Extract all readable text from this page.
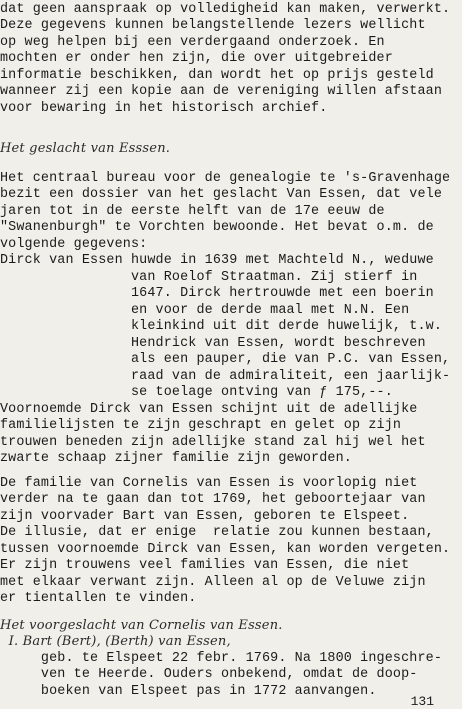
dat geen aanspraak op volledigheid kan maken, verwerkt.

Deze gegevens kunnen belangstellende lezers wellicht

op weg helpen bij een verdergaand onderzoek. En

mochten er onder hen zijn, die over uitgebreider

informatie beschikken, dan wordt het op prijs gesteld

wanneer zij een kopie aan de vereniging willen afstaan

voor bewaring in het historisch archief.

Het geslacht van Esssen.

Het centraal bureau voor de genealogie te 's-Gravenhage

bezit een dossier van het geslacht Van Essen, dat vele

jaren tot in de eerste helft van de 17e eeuw de

"Swanenburgh" te Vorchten bewoonde. Het bevat o.m. de

volgende gegevens:

Dirck van Essen huwde in 1639 met Machteld N., weduwe

van Roelof Straatman. Zij stierf in

1647. Dirck hertrouwde met een boerin

en voor de derde maal met N.N. Een

kleinkind uit dit derde huwelijk, t.w.

Hendrick van Essen, wordt beschreven

als een pauper, die van P.C. van Essen,

raad van de admiraliteit, een jaarlijk-

se toelage ontving van ƒ 175,--.

Voornoemde Dirck van Essen schijnt uit de adellijke

familielijsten te zijn geschrapt en gelet op zijn

trouwen beneden zijn adellijke stand zal hij wel het

zwarte schaap zijner familie zijn geworden.

De familie van Cornelis van Essen is voorlopig niet

verder na te gaan dan tot 1769, het geboortejaar van

zijn voorvader Bart van Essen, geboren te Elspeet.

De illusie, dat er enige  relatie zou kunnen bestaan,

tussen voornoemde Dirck van Essen, kan worden vergeten.

Er zijn trouwens veel families van Essen, die niet

met elkaar verwant zijn. Alleen al op de Veluwe zijn

er tientallen te vinden.

Het voorgeslacht van Cornelis van Essen.

I. Bart (Bert), (Berth) van Essen,

geb. te Elspeet 22 febr. 1769. Na 1800 ingeschre-

ven te Heerde. Ouders onbekend, omdat de doop-

boeken van Elspeet pas in 1772 aanvangen.

131
